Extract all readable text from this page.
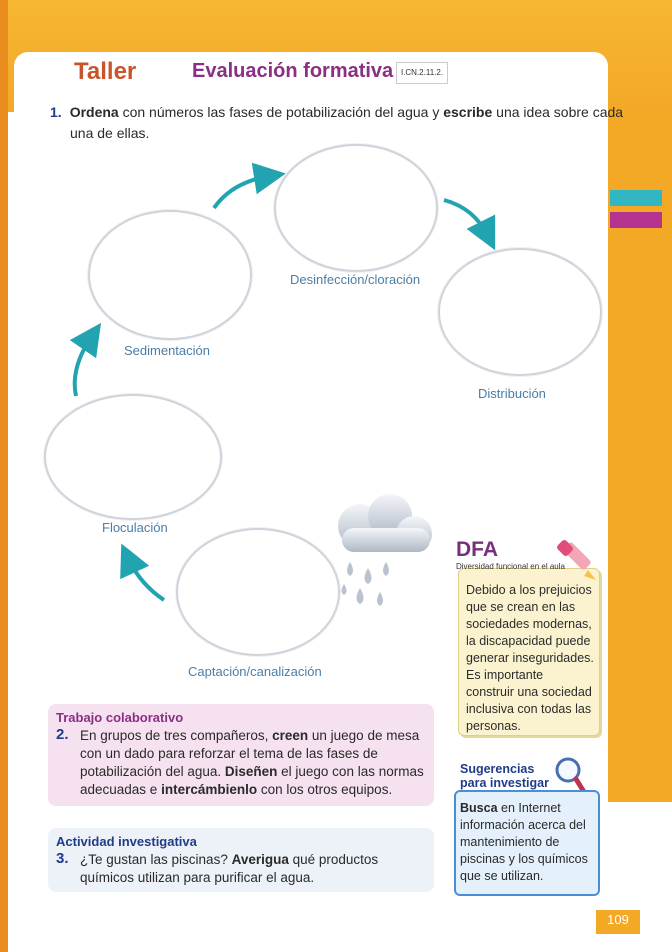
Taller	Evaluación formativa I.CN.2.11.2.
1. Ordena con números las fases de potabilización del agua y escribe una idea sobre cada
una de ellas.
Desinfección/cloración
Sedimentación
Distribución
Floculación
Captación/canalización
DFA
Diversidad funcional en el aula
Debido a los prejuicios que se crean en las sociedades modernas, la discapacidad puede generar inseguridades. Es importante construir una sociedad inclusiva con todas las personas.
Trabajo colaborativo
2. En grupos de tres compañeros, creen un juego de mesa con un dado para reforzar el tema de las fases de potabilización del agua. Diseñen el juego con las normas adecuadas e intercámbienlo con los otros equipos.
Actividad investigativa
3. ¿Te gustan las piscinas? Averigua qué productos químicos utilizan para purificar el agua.
Sugerencias
para investigar
Busca en Internet información acerca del mantenimiento de piscinas y los químicos que se utilizan.
109
